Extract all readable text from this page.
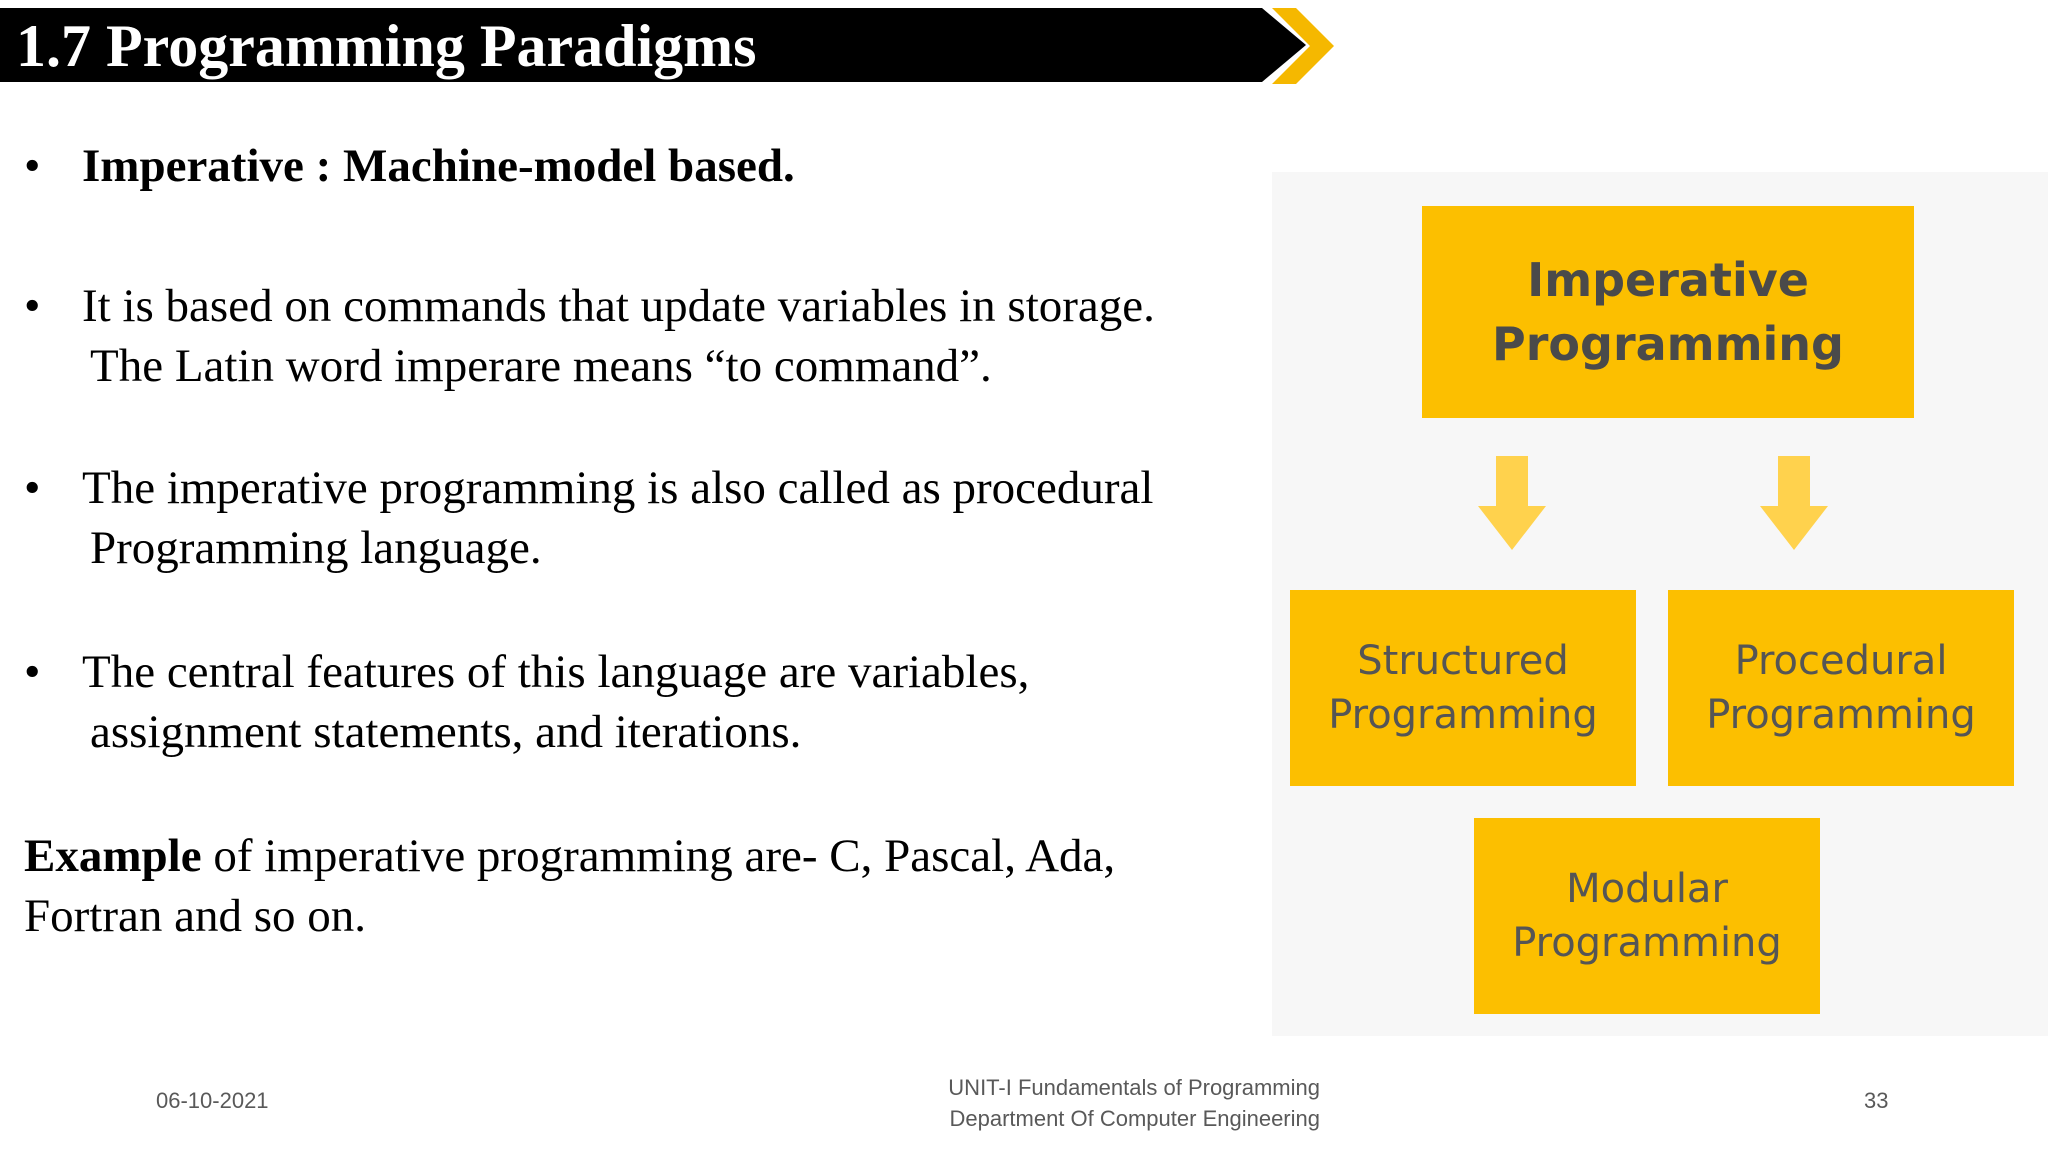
1.7 Programming Paradigms
• Imperative : Machine-model based.
• It is based on commands that update variables in storage.
The Latin word imperare means “to command”.
• The imperative programming is also called as procedural
Programming language.
• The central features of this language are variables,
assignment statements, and iterations.
Example of imperative programming are- C, Pascal, Ada,
Fortran and so on.
Imperative
Programming
Structured
Programming
Procedural
Programming
Modular
Programming
06-10-2021
UNIT-I Fundamentals of Programming
Department Of Computer Engineering
33
